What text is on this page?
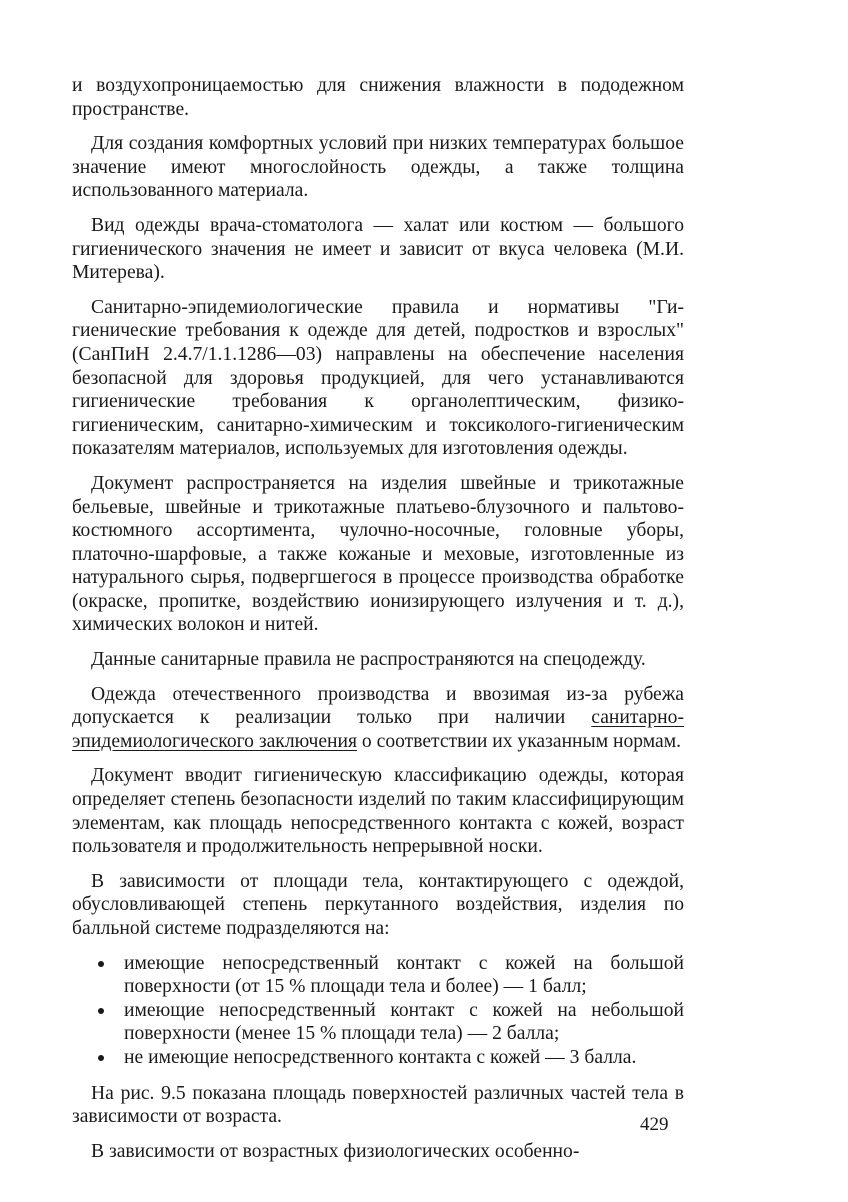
и воздухопроницаемостью для снижения влажности в пододежном пространстве.

Для создания комфортных условий при низких температурах большое значение имеют многослойность одежды, а также толщина использованного материала.

Вид одежды врача-стоматолога — халат или костюм — большого гигиенического значения не имеет и зависит от вкуса человека (М.И. Митерева).

Санитарно-эпидемиологические правила и нормативы "Гигиенические требования к одежде для детей, подростков и взрослых" (СанПиН 2.4.7/1.1.1286—03) направлены на обеспечение населения безопасной для здоровья продукцией, для чего устанавливаются гигиенические требования к органолептическим, физико-гигиеническим, санитарно-химическим и токсиколого-гигиеническим показателям материалов, используемых для изготовления одежды.

Документ распространяется на изделия швейные и трикотажные бельевые, швейные и трикотажные платьево-блузочного и пальтово-костюмного ассортимента, чулочно-носочные, головные уборы, платочно-шарфовые, а также кожаные и меховые, изготовленные из натурального сырья, подвергшегося в процессе производства обработке (окраске, пропитке, воздействию ионизирующего излучения и т. д.), химических волокон и нитей.

Данные санитарные правила не распространяются на спецодежду.

Одежда отечественного производства и ввозимая из-за рубежа допускается к реализации только при наличии санитарно-эпидемиологического заключения о соответствии их указанным нормам.

Документ вводит гигиеническую классификацию одежды, которая определяет степень безопасности изделий по таким классифицирующим элементам, как площадь непосредственного контакта с кожей, возраст пользователя и продолжительность непрерывной носки.

В зависимости от площади тела, контактирующего с одеждой, обусловливающей степень перкутанного воздействия, изделия по балльной системе подразделяются на:

имеющие непосредственный контакт с кожей на большой поверхности (от 15 % площади тела и более) — 1 балл;
имеющие непосредственный контакт с кожей на небольшой поверхности (менее 15 % площади тела) — 2 балла;
не имеющие непосредственного контакта с кожей — 3 балла.

На рис. 9.5 показана площадь поверхностей различных частей тела в зависимости от возраста.

В зависимости от возрастных физиологических особенно-

429
